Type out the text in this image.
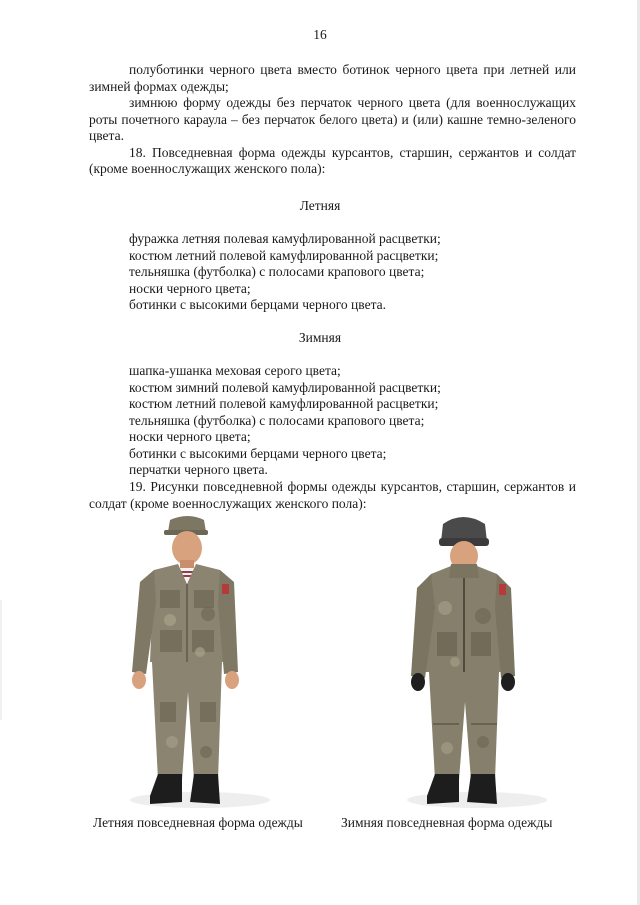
16

полуботинки черного цвета вместо ботинок черного цвета при летней или зимней формах одежды;

зимнюю форму одежды без перчаток черного цвета (для военнослужащих роты почетного караула – без перчаток белого цвета) и (или) кашне темно-зеленого цвета.

18. Повседневная форма одежды курсантов, старшин, сержантов и солдат (кроме военнослужащих женского пола):

Летняя
фуражка летняя полевая камуфлированной расцветки;
костюм летний полевой камуфлированной расцветки;
тельняшка (футболка) с полосами крапового цвета;
носки черного цвета;
ботинки с высокими берцами черного цвета.
Зимняя
шапка-ушанка меховая серого цвета;
костюм зимний полевой камуфлированной расцветки;
костюм летний полевой камуфлированной расцветки;
тельняшка (футболка) с полосами крапового цвета;
носки черного цвета;
ботинки с высокими берцами черного цвета;
перчатки черного цвета.

19. Рисунки повседневной формы одежды курсантов, старшин, сержантов и солдат (кроме военнослужащих женского пола):

Летняя повседневная форма одежды	Зимняя повседневная форма одежды
